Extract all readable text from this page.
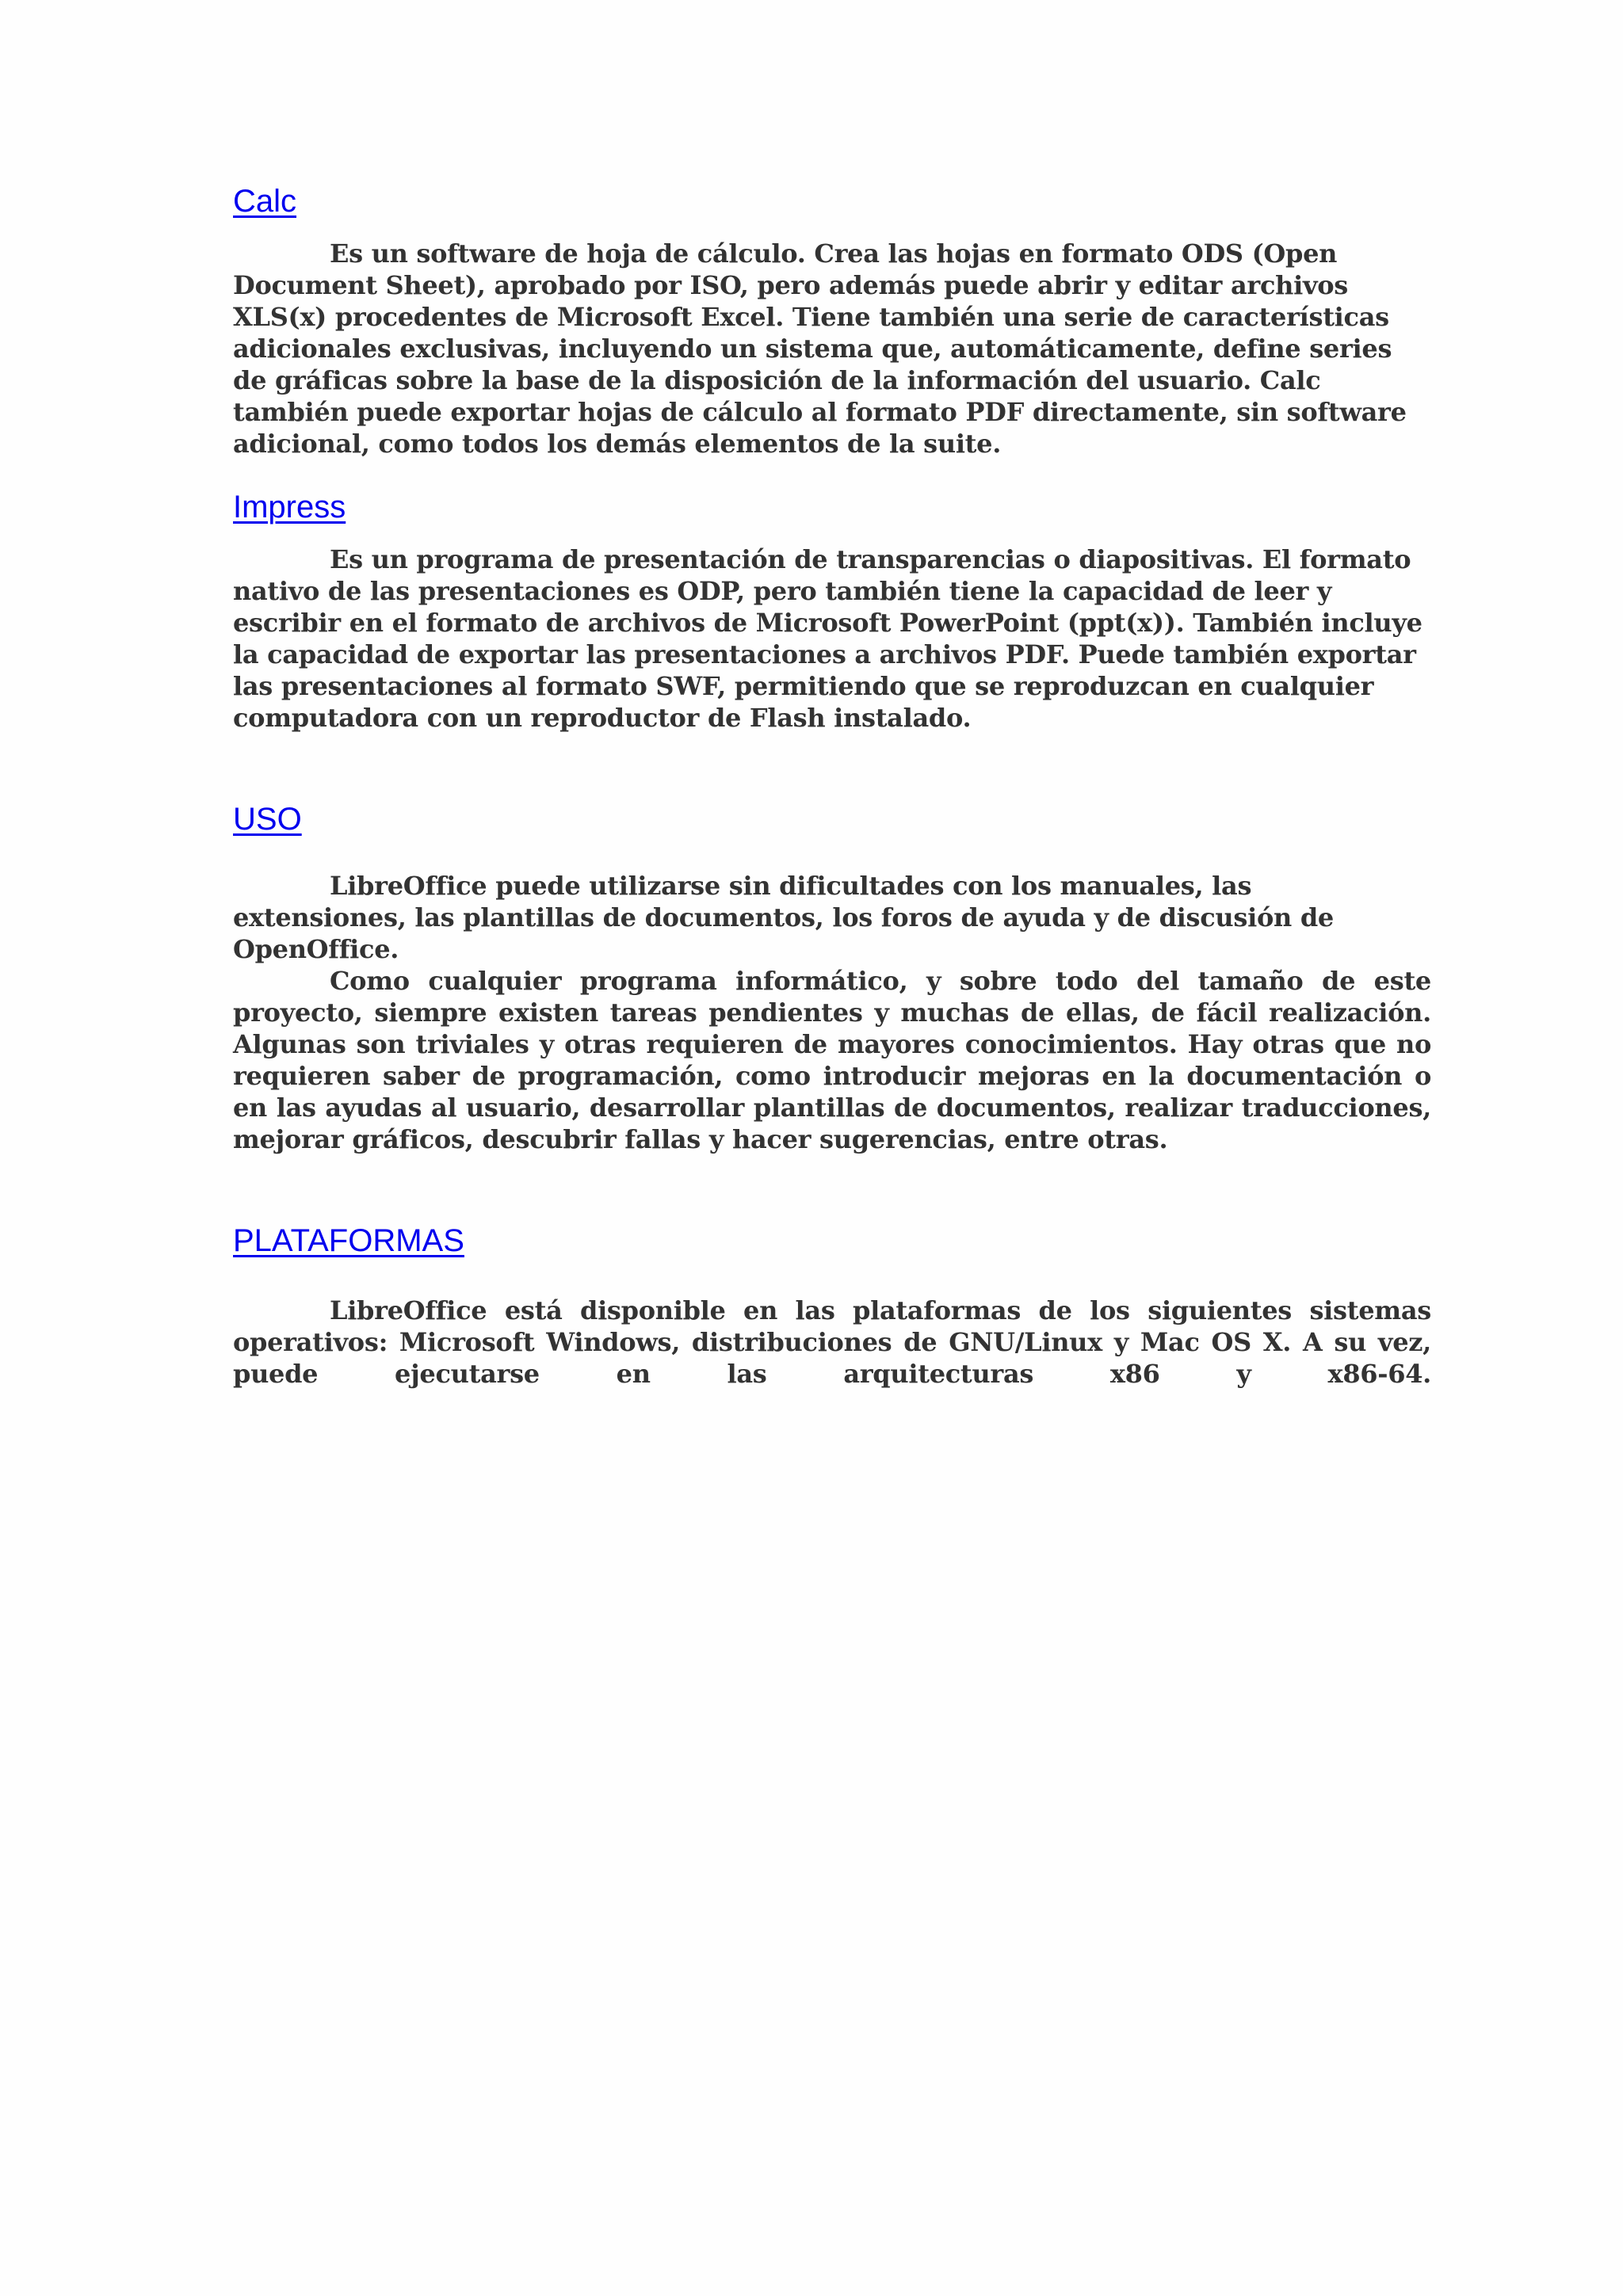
Calc

Es un software de hoja de cálculo. Crea las hojas en formato ODS (Open Document Sheet), aprobado por ISO, pero además puede abrir y editar archivos XLS(x) procedentes de Microsoft Excel. Tiene también una serie de características adicionales exclusivas, incluyendo un sistema que, automáticamente, define series de gráficas sobre la base de la disposición de la información del usuario. Calc también puede exportar hojas de cálculo al formato PDF directamente, sin software adicional, como todos los demás elementos de la suite.

Impress

Es un programa de presentación de transparencias o diapositivas. El formato nativo de las presentaciones es ODP, pero también tiene la capacidad de leer y escribir en el formato de archivos de Microsoft PowerPoint (ppt(x)). También incluye la capacidad de exportar las presentaciones a archivos PDF. Puede también exportar las presentaciones al formato SWF, permitiendo que se reproduzcan en cualquier computadora con un reproductor de Flash instalado.

USO

LibreOffice puede utilizarse sin dificultades con los manuales, las extensiones, las plantillas de documentos, los foros de ayuda y de discusión de OpenOffice.

Como cualquier programa informático, y sobre todo del tamaño de este proyecto, siempre existen tareas pendientes y muchas de ellas, de fácil realización. Algunas son triviales y otras requieren de mayores conocimientos. Hay otras que no requieren saber de programación, como introducir mejoras en la documentación o en las ayudas al usuario, desarrollar plantillas de documentos, realizar traducciones, mejorar gráficos, descubrir fallas y hacer sugerencias, entre otras.

PLATAFORMAS

LibreOffice está disponible en las plataformas de los siguientes sistemas operativos: Microsoft Windows, distribuciones de GNU/Linux y Mac OS X. A su vez, puede ejecutarse en las arquitecturas x86 y x86-64.
